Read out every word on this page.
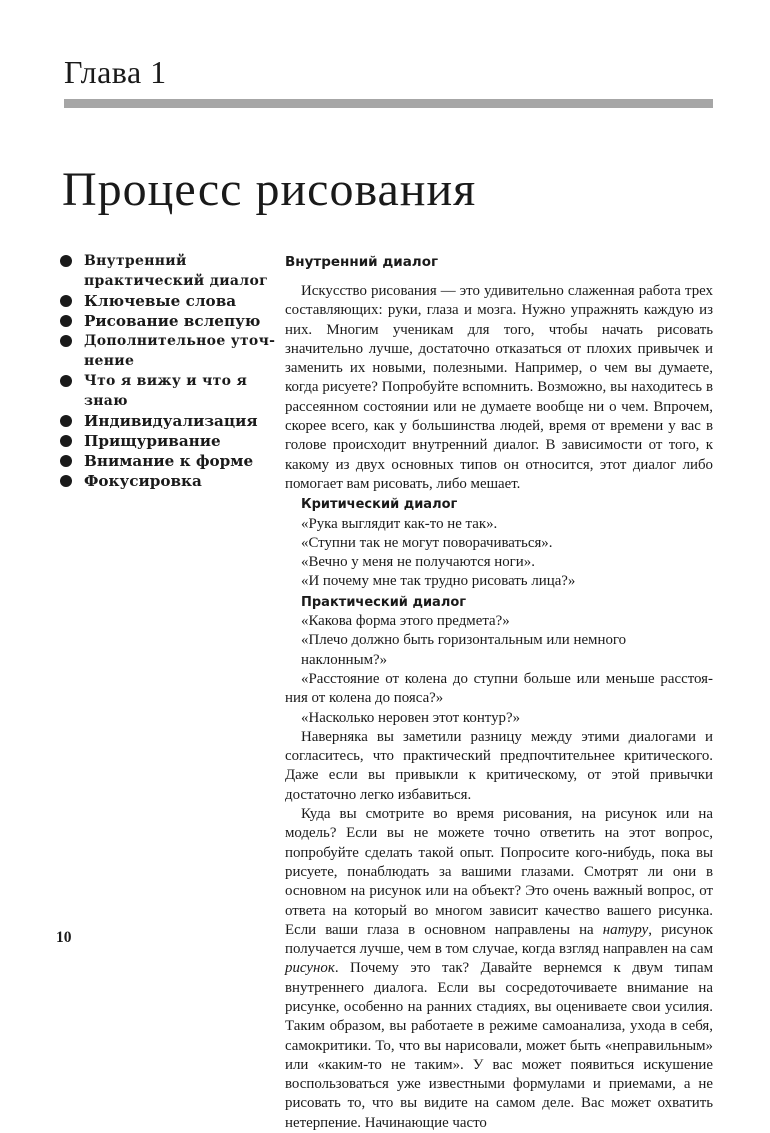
Глава 1
Процесс рисования
Внутренний практический диалог
Ключевые слова
Рисование вслепую
Дополнительное уточнение
Что я вижу и что я знаю
Индивидуализация
Прищуривание
Внимание к форме
Фокусировка
Внутренний диалог

Искусство рисования — это удивительно слаженная работа трех составляющих: руки, глаза и мозга. Нужно упражнять каждую из них. Многим ученикам для того, чтобы начать рисовать значительно лучше, достаточно отказаться от плохих привычек и заменить их новыми, полезными. Например, о чем вы думаете, когда рисуете? Попробуйте вспомнить. Возможно, вы находитесь в рассеянном состоянии или не думаете вообще ни о чем. Впрочем, скорее всего, как у большинства людей, время от времени у вас в голове происходит внутренний диалог. В зависимости от того, к какому из двух основных типов он относится, этот диалог либо помогает вам рисовать, либо мешает.

Критический диалог
«Рука выглядит как-то не так».
«Ступни так не могут поворачиваться».
«Вечно у меня не получаются ноги».
«И почему мне так трудно рисовать лица?»
Практический диалог
«Какова форма этого предмета?»
«Плечо должно быть горизонтальным или немного наклонным?»

«Расстояние от колена до ступни больше или меньше расстояния от колена до пояса?»

«Насколько неровен этот контур?»

Наверняка вы заметили разницу между этими диалогами и согласитесь, что практический предпочтительнее критического. Даже если вы привыкли к критическому, от этой привычки достаточно легко избавиться.

Куда вы смотрите во время рисования, на рисунок или на модель? Если вы не можете точно ответить на этот вопрос, попробуйте сделать такой опыт. Попросите кого-нибудь, пока вы рисуете, понаблюдать за вашими глазами. Смотрят ли они в основном на рисунок или на объект? Это очень важный вопрос, от ответа на который во многом зависит качество вашего рисунка. Если ваши глаза в основном направлены на натуру, рисунок получается лучше, чем в том случае, когда взгляд направлен на сам рисунок. Почему это так? Давайте вернемся к двум типам внутреннего диалога. Если вы сосредоточиваете внимание на рисунке, особенно на ранних стадиях, вы оцениваете свои усилия. Таким образом, вы работаете в режиме самоанализа, ухода в себя, самокритики. То, что вы нарисовали, может быть «неправильным» или «каким-то не таким». У вас может появиться искушение воспользоваться уже известными формулами и приемами, а не рисовать то, что вы видите на самом деле. Вас может охватить нетерпение. Начинающие часто

10
